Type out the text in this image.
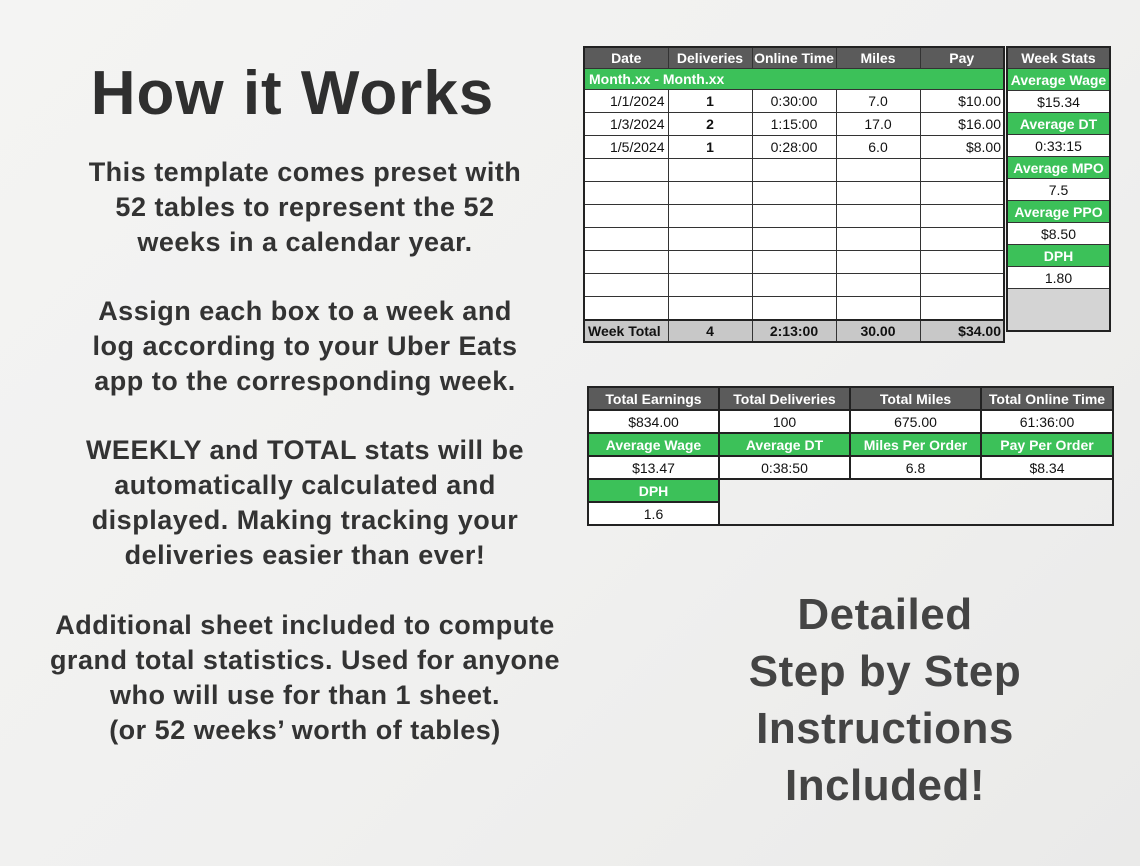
How it Works
This template comes preset with
52 tables to represent the 52
weeks in a calendar year.
Assign each box to a week and
log according to your Uber Eats
app to the corresponding week.
WEEKLY and TOTAL stats will be
automatically calculated and
displayed. Making tracking your
deliveries easier than ever!
Additional sheet included to compute
grand total statistics. Used for anyone
who will use for than 1 sheet.
(or 52 weeks’ worth of tables)
Detailed
Step by Step
Instructions
Included!
Date	Deliveries	Online Time	Miles	Pay
Month.xx - Month.xx				
1/1/2024	1	0:30:00	7.0	$10.00
1/3/2024	2	1:15:00	17.0	$16.00
1/5/2024	1	0:28:00	6.0	$8.00

Week Total	4	2:13:00	30.00	$34.00
Week Stats
Average Wage
$15.34
Average DT
0:33:15
Average MPO
7.5
Average PPO
$8.50
DPH
1.80

Total Earnings	Total Deliveries	Total Miles	Total Online Time
$834.00	100	675.00	61:36:00
Average Wage	Average DT	Miles Per Order	Pay Per Order
$13.47	0:38:50	6.8	$8.34
DPH			
1.6			
